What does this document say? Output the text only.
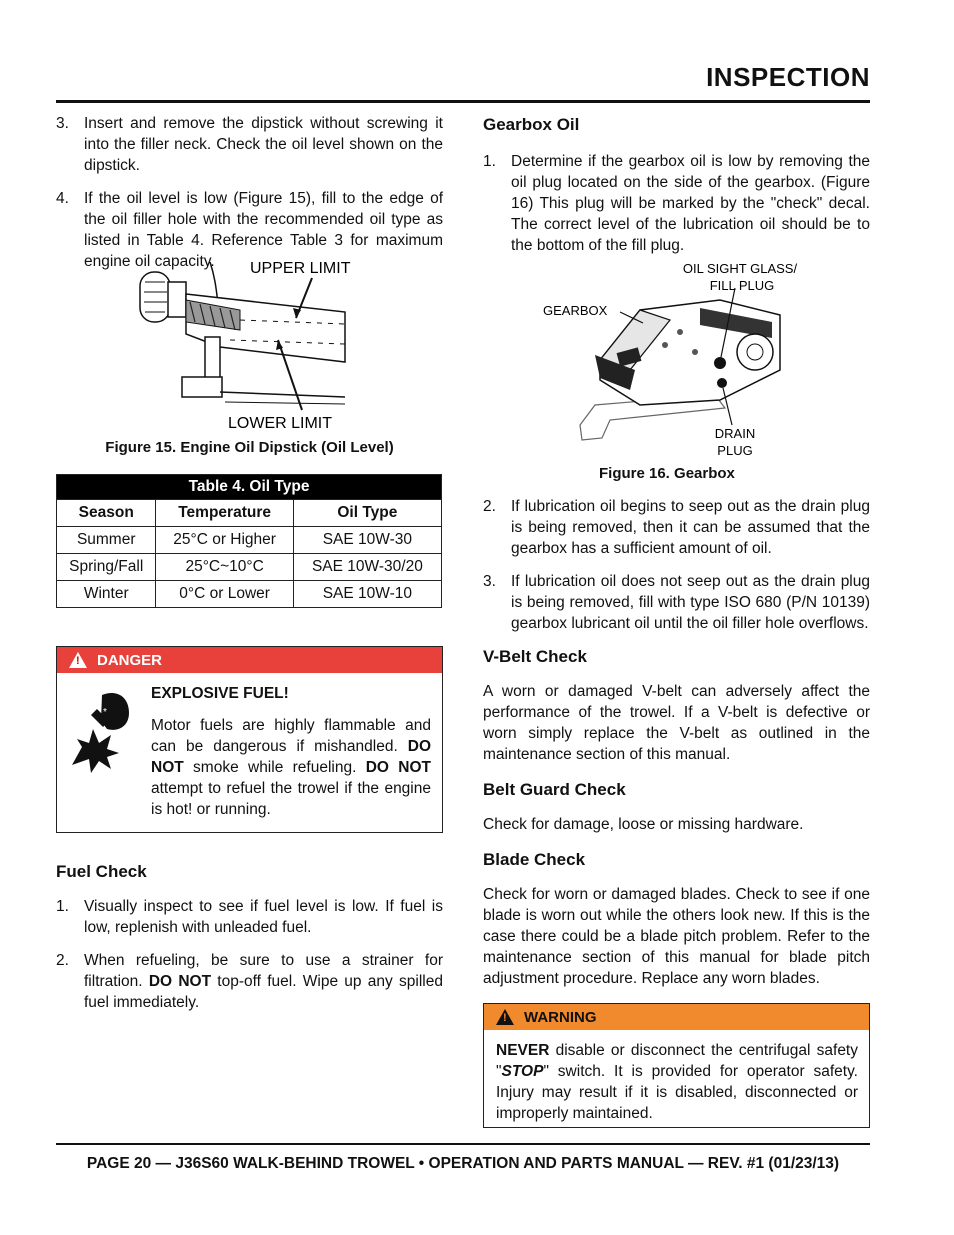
INSPECTION
3. Insert and remove the dipstick without screwing it into the filler neck. Check the oil level shown on the dipstick.
4. If the oil level is low (Figure 15), fill to the edge of the oil filler hole with the recommended oil type as listed in Table 4. Reference Table 3 for maximum engine oil capacity.	UPPER LIMIT
LOWER LIMIT
Figure 15. Engine Oil Dipstick (Oil Level)
Table 4. Oil Type		
Season	Temperature	Oil Type
Summer	25°C or Higher	SAE 10W-30
Spring/Fall	25°C~10°C	SAE 10W-30/20
Winter	0°C or Lower	SAE 10W-10
! DANGER
*
EXPLOSIVE FUEL!
Motor fuels are highly flammable and can be dangerous if mishandled. DO NOT smoke while refueling. DO NOT attempt to refuel the trowel if the engine is hot! or running.
Fuel Check
1. Visually inspect to see if fuel level is low. If fuel is low, replenish with unleaded fuel.
2. When refueling, be sure to use a strainer for filtration. DO NOT top-off fuel. Wipe up any spilled fuel immediately.
Gearbox Oil
1. Determine if the gearbox oil is low by removing the oil plug located on the side of the gearbox. (Figure 16) This plug will be marked by the "check" decal. The correct level of the lubrication oil should be to the bottom of the fill plug.
OIL SIGHT GLASS/
FILL PLUG
GEARBOX
DRAIN
PLUG
Figure 16. Gearbox
2. If lubrication oil begins to seep out as the drain plug is being removed, then it can be assumed that the gearbox has a sufficient amount of oil.
3. If lubrication oil does not seep out as the drain plug is being removed, fill with type ISO 680 (P/N 10139) gearbox lubricant oil until the oil filler hole overflows.
V-Belt Check

A worn or damaged V-belt can adversely affect the performance of the trowel. If a V-belt is defective or worn simply replace the V-belt as outlined in the maintenance section of this manual.

Belt Guard Check

Check for damage, loose or missing hardware.

Blade Check

Check for worn or damaged blades. Check to see if one blade is worn out while the others look new. If this is the case there could be a blade pitch problem. Refer to the maintenance section of this manual for blade pitch adjustment procedure. Replace any worn blades.

! WARNING
NEVER disable or disconnect the centrifugal safety "STOP" switch. It is provided for operator safety. Injury may result if it is disabled, disconnected or improperly maintained.
PAGE 20 — J36S60 WALK-BEHIND TROWEL • OPERATION AND PARTS MANUAL — REV. #1 (01/23/13)
